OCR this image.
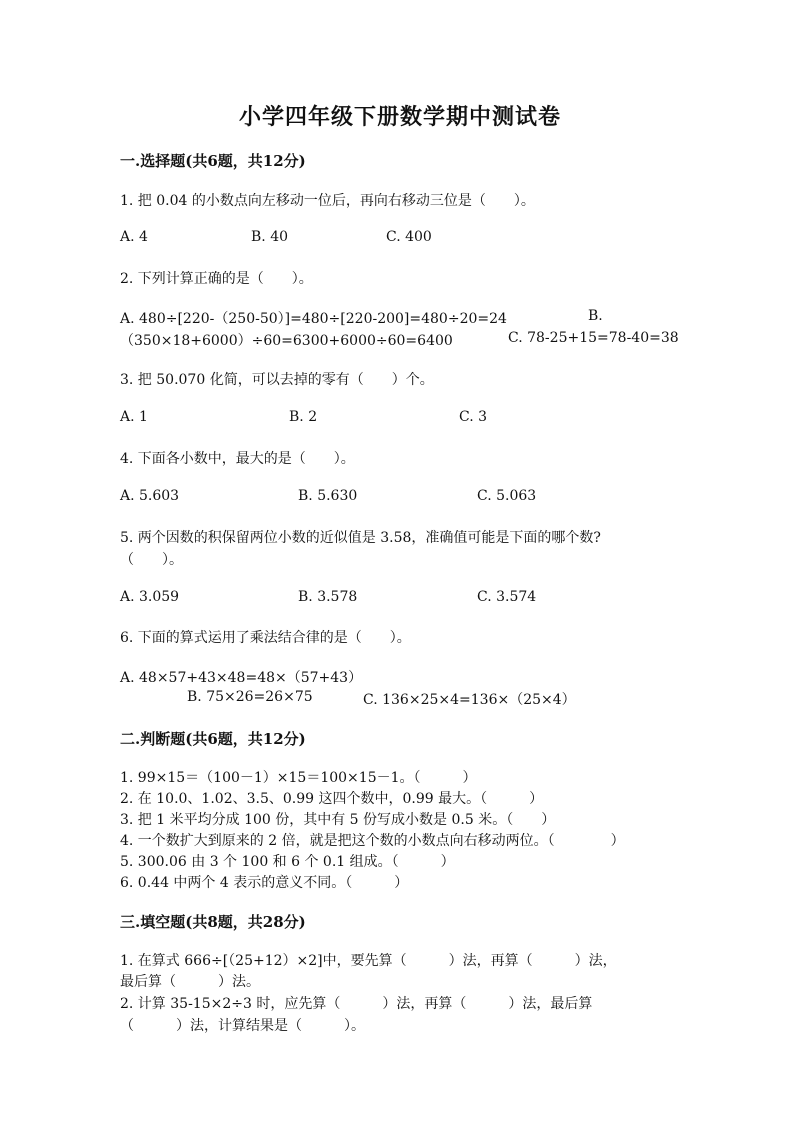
小学四年级下册数学期中测试卷
一.选择题(共6题，共12分)
1. 把 0.04 的小数点向左移动一位后，再向右移动三位是（　　）。
A. 4	B. 40	C. 400
2. 下列计算正确的是（　　）。
A. 480÷[220-（250-50）]=480÷[220-200]=480÷20=24	B.
（350×18+6000）÷60=6300+6000÷60=6400	C. 78-25+15=78-40=38
3. 把 50.070 化简，可以去掉的零有（　　）个。
A. 1	B. 2	C. 3
4. 下面各小数中，最大的是（　　）。
A. 5.603	B. 5.630	C. 5.063
5. 两个因数的积保留两位小数的近似值是 3.58，准确值可能是下面的哪个数?
（　　）。
A. 3.059	B. 3.578	C. 3.574
6. 下面的算式运用了乘法结合律的是（　　）。
A. 48×57+43×48=48×（57+43）
B. 75×26=26×75	C. 136×25×4=136×（25×4）
二.判断题(共6题，共12分)
1. 99×15＝（100－1）×15＝100×15－1。（　　　）
2. 在 10.0、1.02、3.5、0.99 这四个数中，0.99 最大。（　　　）
3. 把 1 米平均分成 100 份，其中有 5 份写成小数是 0.5 米。（　　）
4. 一个数扩大到原来的 2 倍，就是把这个数的小数点向右移动两位。（　　　　）
5. 300.06 由 3 个 100 和 6 个 0.1 组成。（　　　）
6. 0.44 中两个 4 表示的意义不同。（　　　）
三.填空题(共8题，共28分)
1. 在算式 666÷[（25+12）×2]中，要先算（　　　）法，再算（　　　）法，
最后算（　　　）法。
2. 计算 35-15×2÷3 时，应先算（　　　）法，再算（　　　）法，最后算
（　　　）法，计算结果是（　　　）。
